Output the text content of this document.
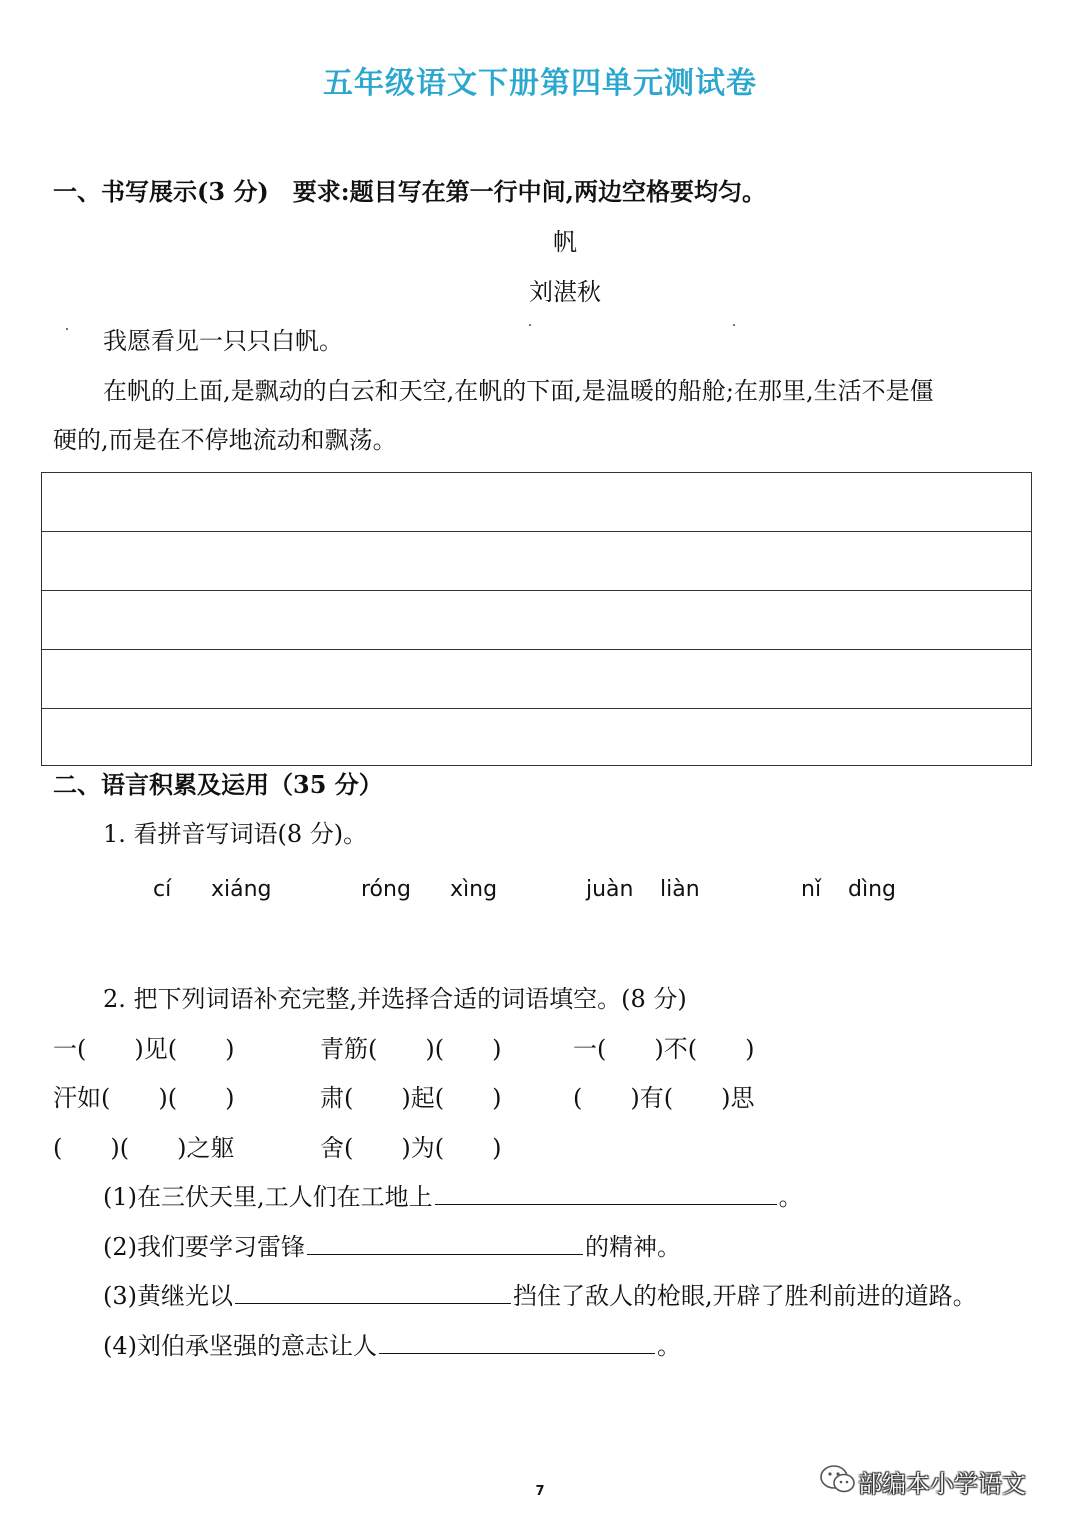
五年级语文下册第四单元测试卷
一、书写展示(3 分)　要求:题目写在第一行中间,两边空格要均匀。
帆
刘湛秋
我愿看见一只只白帆。
在帆的上面,是飘动的白云和天空,在帆的下面,是温暖的船舱;在那里,生活不是僵
硬的,而是在不停地流动和飘荡。
二、语言积累及运用（35 分）
1. 看拼音写词语(8 分)。
cí xiáng	róng xìng	juàn liàn	nǐ dìng
2. 把下列词语补充完整,并选择合适的词语填空。(8 分)
一(　　)见(　　)	青筋(　　)(　　)	一(　　)不(　　)
汗如(　　)(　　)	肃(　　)起(　　)	(　　)有(　　)思
(　　)(　　)之躯	舍(　　)为(　　)
(1)在三伏天里,工人们在工地上	。
(2)我们要学习雷锋	的精神。
(3)黄继光以	挡住了敌人的枪眼,开辟了胜利前进的道路。
(4)刘伯承坚强的意志让人	。
7	部编本小学语文
